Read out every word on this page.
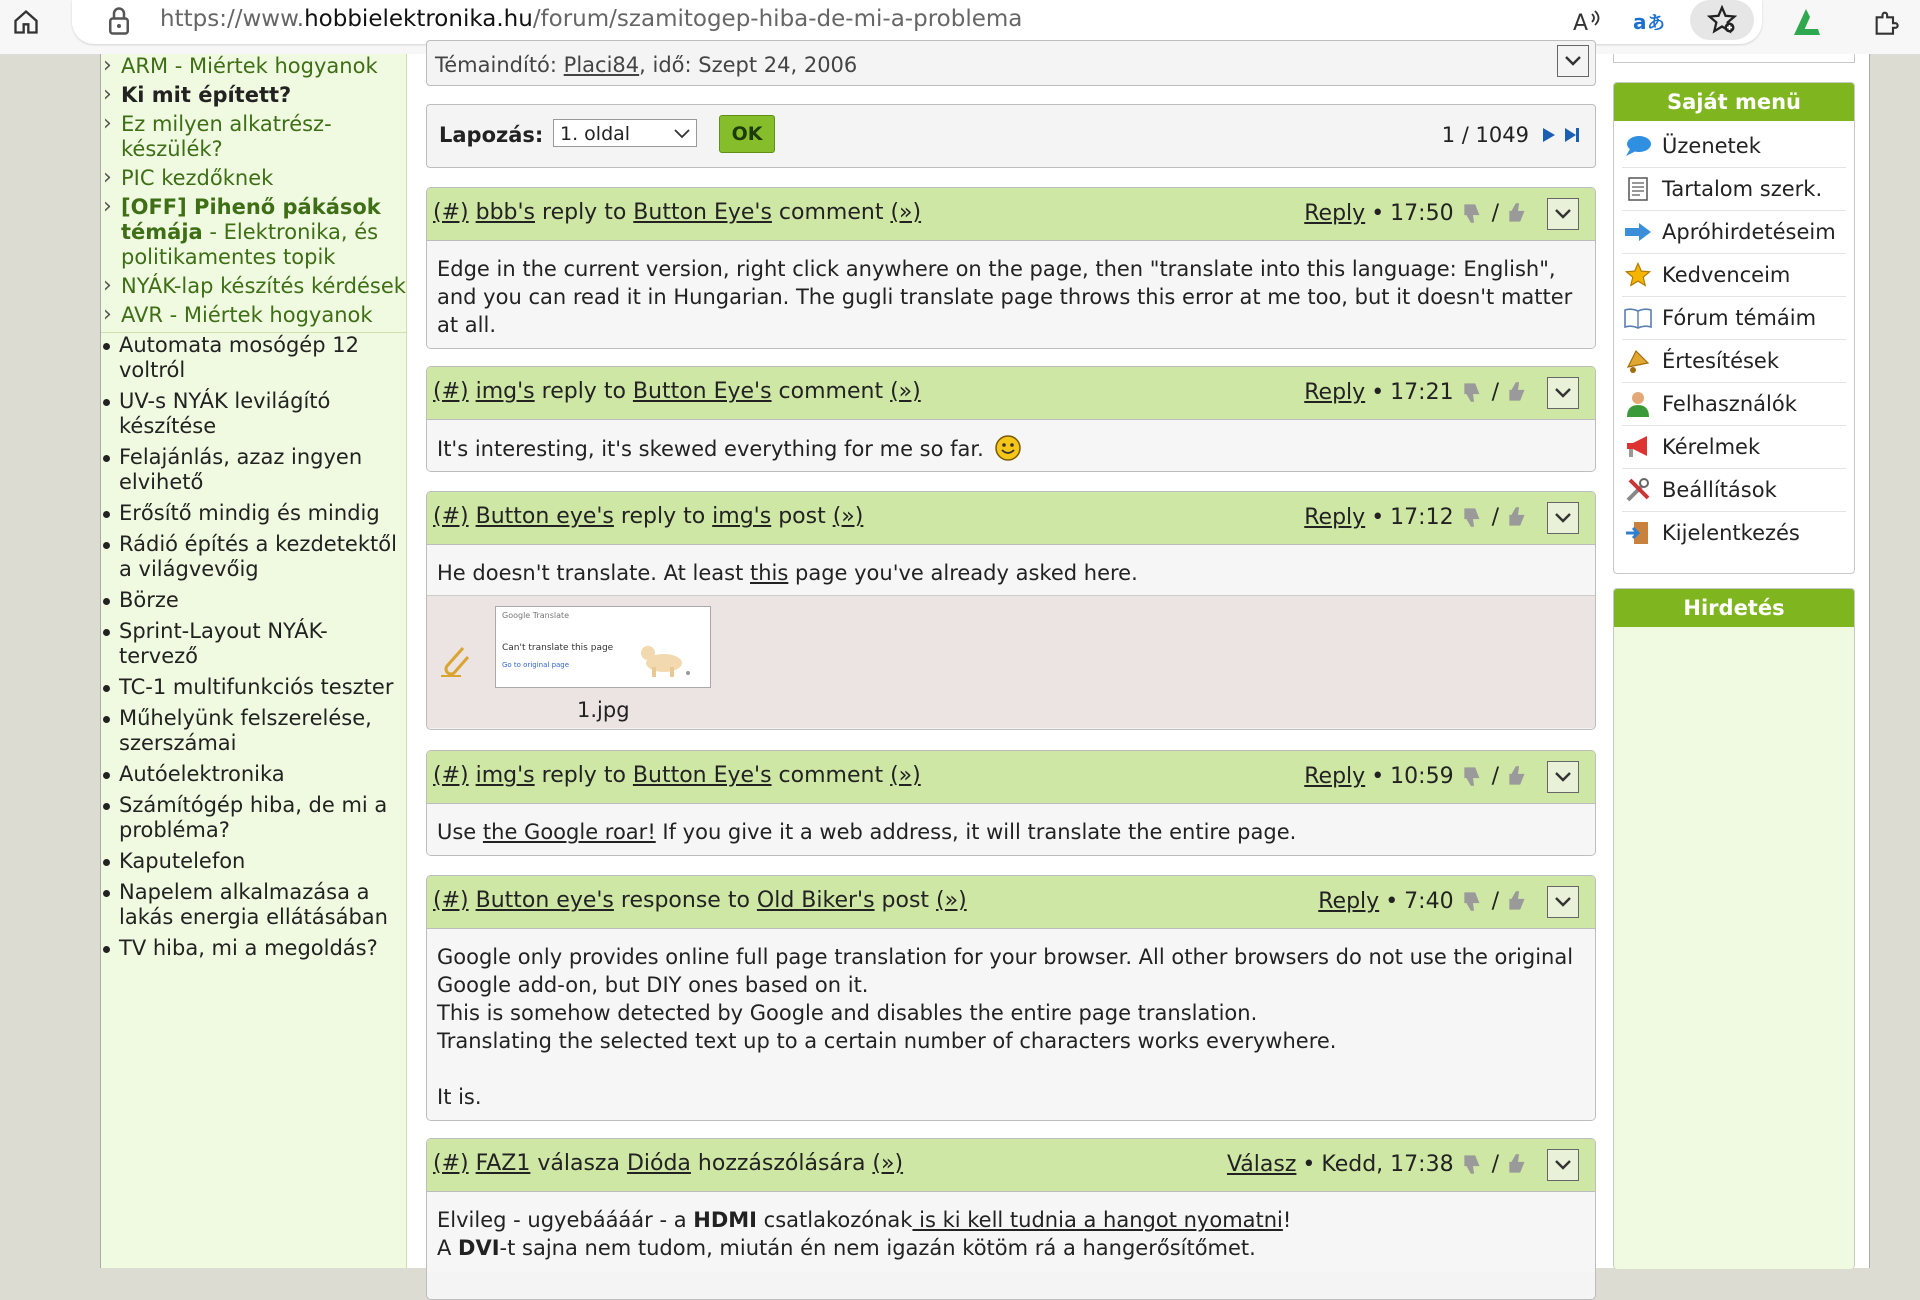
https://www.hobbielektronika.hu/forum/szamitogep-hiba-de-mi-a-problema	A a あ
› ARM - Miértek hogyanok
› Ki mit épített?
› Ez milyen alkatrész-készülék?
› PIC kezdőknek
› [OFF] Pihenő pákások témája - Elektronika, és politikamentes topik
› NYÁK-lap készítés kérdések
› AVR - Miértek hogyanok
Automata mosógép 12 voltról
UV-s NYÁK levilágító készítése
Felajánlás, azaz ingyen elvihető
Erősítő mindig és mindig
Rádió építés a kezdetektől a világvevőig
Börze
Sprint-Layout NYÁK-tervező
TC-1 multifunkciós teszter
Műhelyünk felszerelése, szerszámai
Autóelektronika
Számítógép hiba, de mi a probléma?
Kaputelefon
Napelem alkalmazása a lakás energia ellátásában
TV hiba, mi a megoldás?
Témaindító: Placi84, idő: Szept 24, 2006
Lapozás: 1. oldal	OK	1 / 1049
(#) bbb's reply to Button Eye's comment (»)	Reply • 17:50 /
Edge in the current version, right click anywhere on the page, then "translate into this language: English", and you can read it in Hungarian. The gugli translate page throws this error at me too, but it doesn't matter at all.
(#) img's reply to Button Eye's comment (»)	Reply • 17:21 /
It's interesting, it's skewed everything for me so far.
(#) Button eye's reply to img's post (»)	Reply • 17:12 /
He doesn't translate. At least this page you've already asked here.
Google Translate
Can't translate this page
Go to original page
1.jpg
(#) img's reply to Button Eye's comment (»)	Reply • 10:59 /
Use the Google roar! If you give it a web address, it will translate the entire page.
(#) Button eye's response to Old Biker's post (»)	Reply • 7:40 /
Google only provides online full page translation for your browser. All other browsers do not use the original Google add-on, but DIY ones based on it.
This is somehow detected by Google and disables the entire page translation.
Translating the selected text up to a certain number of characters works everywhere.
It is.
(#) FAZ1 válasza Dióda hozzászólására (»)	Válasz • Kedd, 17:38 /
Elvileg - ugyebáááár - a HDMI csatlakozónak is ki kell tudnia a hangot nyomatni!
A DVI-t sajna nem tudom, miután én nem igazán kötöm rá a hangerősítőmet.
Saját menü
Üzenetek
Tartalom szerk.
Apróhirdetéseim
Kedvenceim
Fórum témáim
Értesítések
Felhasználók
Kérelmek
Beállítások
Kijelentkezés
Hirdetés
